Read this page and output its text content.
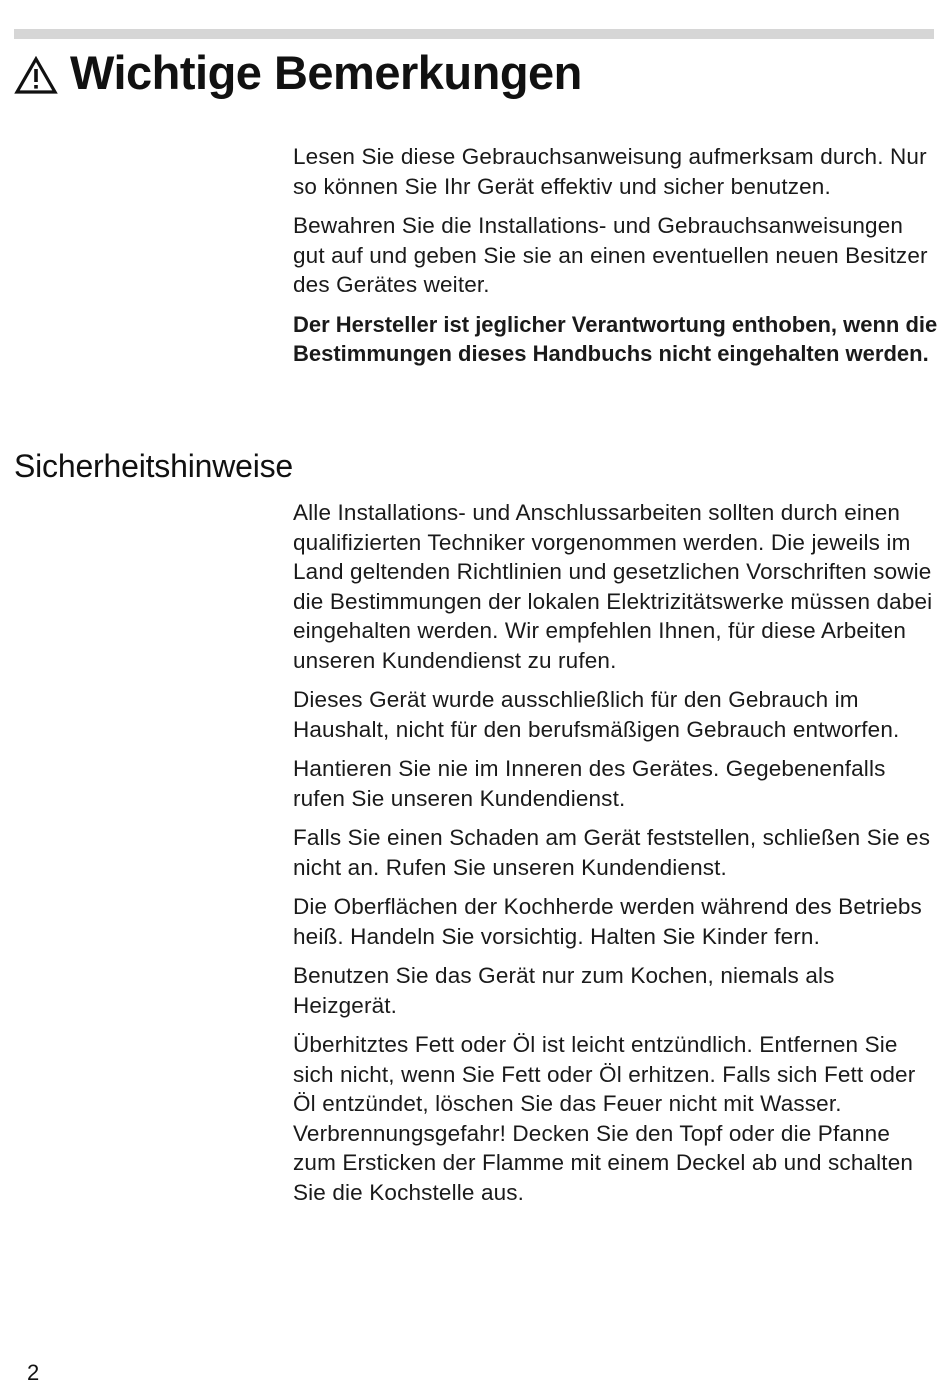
Wichtige Bemerkungen

Lesen Sie diese Gebrauchsanweisung aufmerksam durch. Nur so können Sie Ihr Gerät effektiv und sicher benutzen.

Bewahren Sie die Installations- und Gebrauchsanweisungen gut auf und geben Sie sie an einen eventuellen neuen Besitzer des Gerätes weiter.

Der Hersteller ist jeglicher Verantwortung enthoben, wenn die Bestimmungen dieses Handbuchs nicht eingehalten werden.

Sicherheitshinweise

Alle Installations- und Anschlussarbeiten sollten durch einen qualifizierten Techniker vorgenommen werden. Die jeweils im Land geltenden Richtlinien und gesetzlichen Vorschriften sowie die Bestimmungen der lokalen Elektrizitätswerke müssen dabei eingehalten werden. Wir empfehlen Ihnen, für diese Arbeiten unseren Kundendienst zu rufen.

Dieses Gerät wurde ausschließlich für den Gebrauch im Haushalt, nicht für den berufsmäßigen Gebrauch entworfen.

Hantieren Sie nie im Inneren des Gerätes. Gegebenenfalls rufen Sie unseren Kundendienst.

Falls Sie einen Schaden am Gerät feststellen, schließen Sie es nicht an. Rufen Sie unseren Kundendienst.

Die Oberflächen der Kochherde werden während des Betriebs heiß. Handeln Sie vorsichtig. Halten Sie Kinder fern.

Benutzen Sie das Gerät nur zum Kochen, niemals als Heizgerät.

Überhitztes Fett oder Öl ist leicht entzündlich. Entfernen Sie sich nicht, wenn Sie Fett oder Öl erhitzen. Falls sich Fett oder Öl entzündet, löschen Sie das Feuer nicht mit Wasser. Verbrennungsgefahr! Decken Sie den Topf oder die Pfanne zum Ersticken der Flamme mit einem Deckel ab und schalten Sie die Kochstelle aus.

2
